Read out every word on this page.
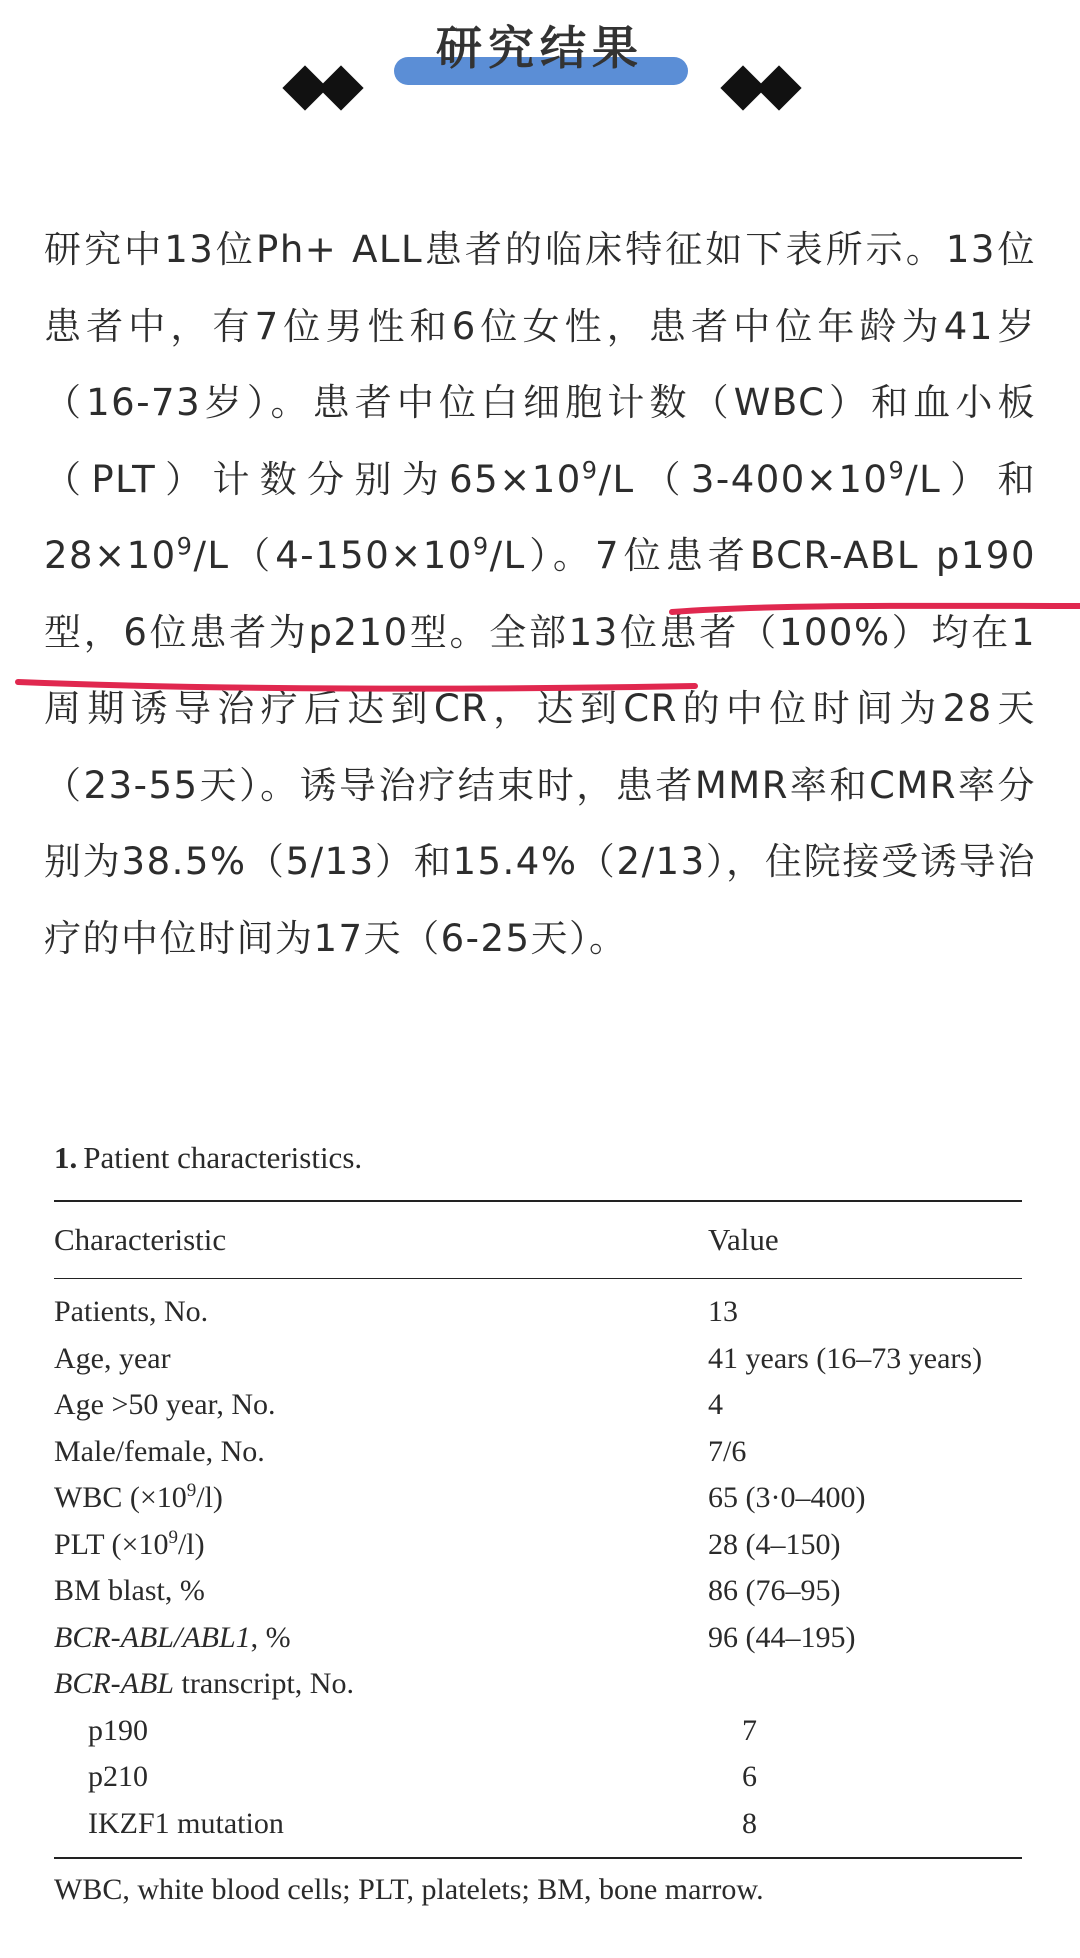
研究结果
研究中13位Ph+ ALL患者的临床特征如下表所示。13位患者中，有7位男性和6位女性，患者中位年龄为41岁（16-73岁）。患者中位白细胞计数（WBC）和血小板（PLT）计数分别为$65\times 10^9/L(3-400\times 10^9/L)$和$28\times 10^9/L(4-150\times 10^9/L)$。7位患者BCR-ABL p190型，6位患者为p210型。全部13位患者（100%）均在1周期诱导治疗后达到CR，达到CR的中位时间为28天（23-55天）。诱导治疗结束时，患者MMR率和CMR率分别为38.5%（5/13）和15.4%（2/13），住院接受诱导治疗的中位时间为17天（6-25天）。
1. Patient characteristics.
Characteristic	Value
Patients, No.	13
Age, year	41 years (16–73 years)
Age >50 year, No.	4
Male/female, No.	7/6
WBC $(\times 10^9/l)$	65 (3·0–400)
PLT $(\times 10^9/l)$	28 (4–150)
BM blast, %	86 (76–95)
BCR-ABL/ABL1, %	96 (44–195)
BCR-ABL transcript, No.
p190	7
p210	6
IKZF1 mutation	8
WBC, white blood cells; PLT, platelets; BM, bone marrow.
